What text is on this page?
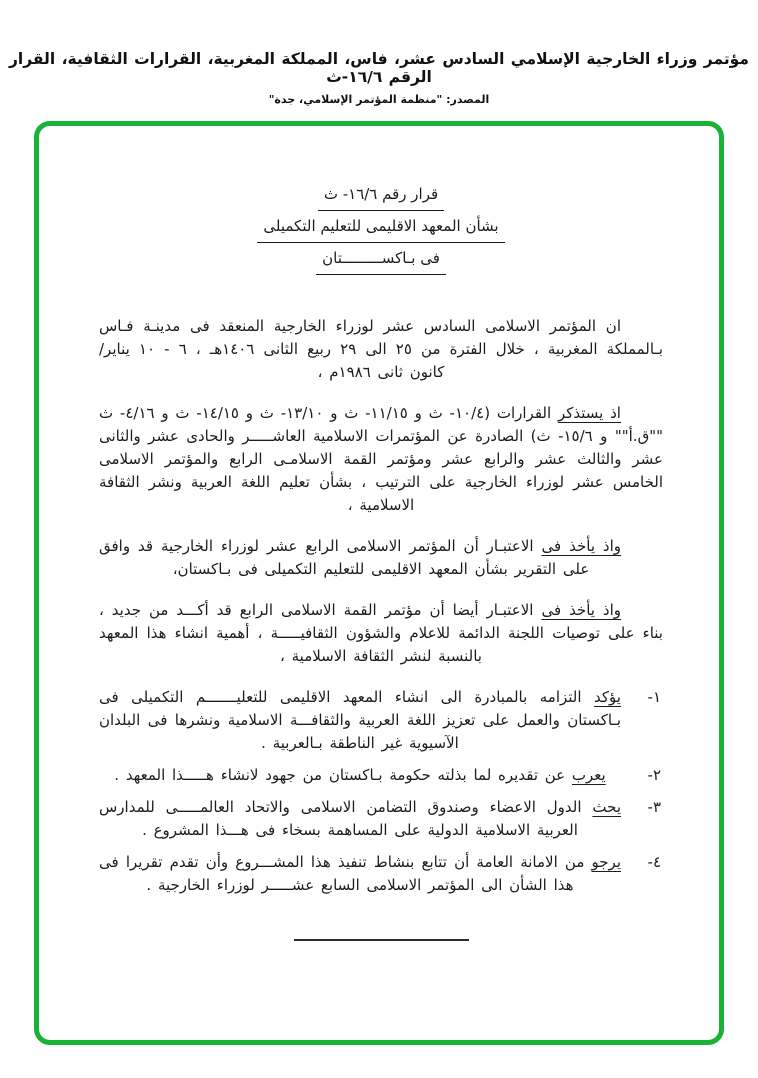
مؤتمر وزراء الخارجية الإسلامي السادس عشر، فاس، المملكة المغربية، القرارات الثقافية، القرار الرقم ١٦/٦-ث
المصدر: "منظمة المؤتمر الإسلامي، جدة"
قرار رقم ١٦/٦- ث
بشأن المعهد الاقليمى للتعليم التكميلى
فى بـاكســـــــــتان

ان المؤتمر الاسلامى السادس عشر لوزراء الخارجية المنعقد فى مدينـة فـاس بـالمملكة المغربية ، خلال الفترة من ٢٥ الى ٢٩ ربيع الثانى ١٤٠٦هـ ، ٦ - ١٠ يناير/ كانون ثانى ١٩٨٦م ،

اذ يستذكر القرارات (١٠/٤- ث و ١١/١٥- ث و ١٣/١٠- ث و ١٤/١٥- ث و ٤/١٦- ث ""ق.أ"" و ١٥/٦- ث) الصادرة عن المؤتمرات الاسلامية العاشـــــر والحادى عشر والثانى عشر والثالث عشر والرابع عشر ومؤتمر القمة الاسلامـى الرابع والمؤتمر الاسلامى الخامس عشر لوزراء الخارجية على الترتيب ، بشأن تعليم اللغة العربية ونشر الثقافة الاسلامية ،

واذ يأخذ فى الاعتبـار أن المؤتمر الاسلامى الرابع عشر لوزراء الخارجية قد وافق على التقرير بشأن المعهد الاقليمى للتعليم التكميلى فى بـاكستان،

واذ يأخذ فى الاعتبـار أيضا أن مؤتمر القمة الاسلامى الرابع قد أكـــد من جديد ، بناء على توصيات اللجنة الدائمة للاعلام والشؤون الثقافيـــــة ، أهمية انشاء هذا المعهد بالنسبة لنشر الثقافة الاسلامية ،

١-
يؤكد التزامه بالمبادرة الى انشاء المعهد الاقليمى للتعليـــــــم التكميلى فى بـاكستان والعمل على تعزيز اللغة العربية والثقافـــة الاسلامية ونشرها فى البلدان الآسيوية غير الناطقة بـالعربية .
٢-
يعرب عن تقديره لما بذلته حكومة بـاكستان من جهود لانشاء هـــــذا المعهد .
٣-
يحث الدول الاعضاء وصندوق التضامن الاسلامى والاتحاد العالمـــــى للمدارس العربية الاسلامية الدولية على المساهمة بسخاء فى هـــذا المشروع .
٤-
يرجو من الامانة العامة أن تتابع بنشاط تنفيذ هذا المشـــروع وأن تقدم تقريرا فى هذا الشأن الى المؤتمر الاسلامى السابع عشـــــر لوزراء الخارجية .
